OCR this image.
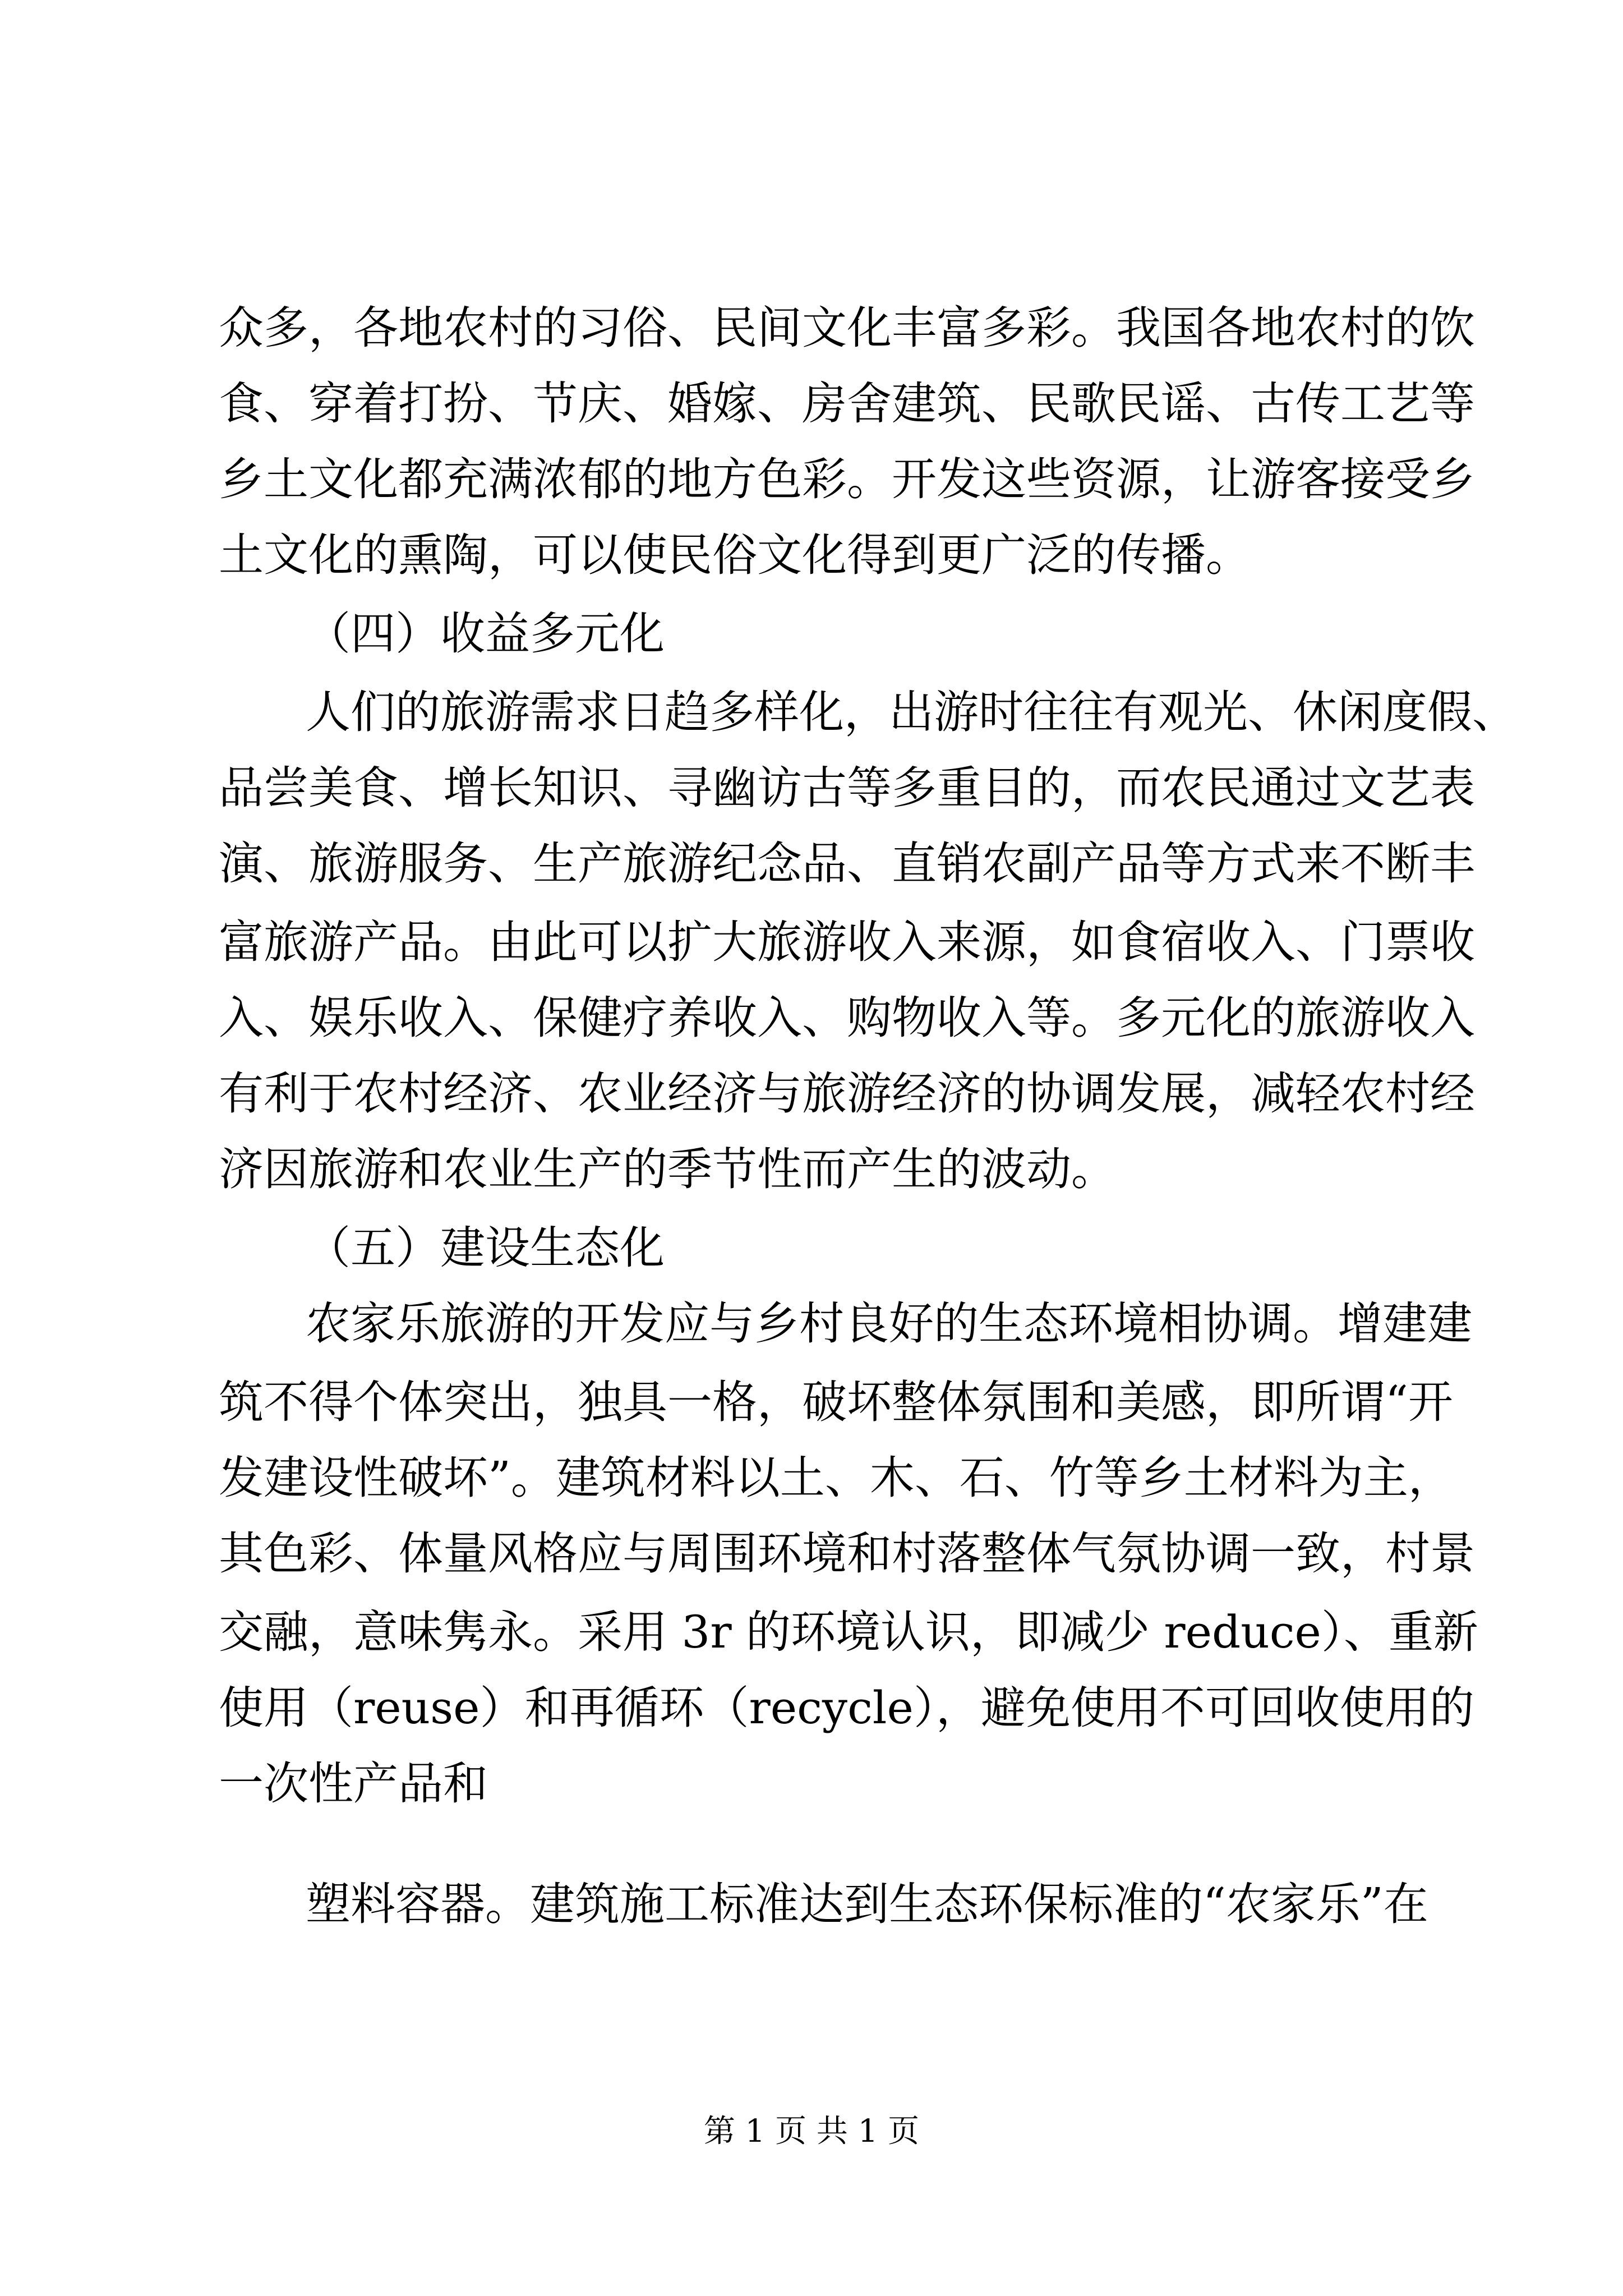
众多，各地农村的习俗、民间文化丰富多彩。我国各地农村的饮
食、穿着打扮、节庆、婚嫁、房舍建筑、民歌民谣、古传工艺等
乡土文化都充满浓郁的地方色彩。开发这些资源，让游客接受乡
土文化的熏陶，可以使民俗文化得到更广泛的传播。
（四）收益多元化
人们的旅游需求日趋多样化，出游时往往有观光、休闲度假、
品尝美食、增长知识、寻幽访古等多重目的，而农民通过文艺表
演、旅游服务、生产旅游纪念品、直销农副产品等方式来不断丰
富旅游产品。由此可以扩大旅游收入来源，如食宿收入、门票收
入、娱乐收入、保健疗养收入、购物收入等。多元化的旅游收入
有利于农村经济、农业经济与旅游经济的协调发展，减轻农村经
济因旅游和农业生产的季节性而产生的波动。
（五）建设生态化
农家乐旅游的开发应与乡村良好的生态环境相协调。增建建
筑不得个体突出，独具一格，破坏整体氛围和美感，即所谓“开
发建设性破坏”。建筑材料以土、木、石、竹等乡土材料为主，
其色彩、体量风格应与周围环境和村落整体气氛协调一致，村景
交融，意味隽永。采用 3r 的环境认识，即减少 reduce）、重新
使用（reuse）和再循环（recycle），避免使用不可回收使用的
一次性产品和
塑料容器。建筑施工标准达到生态环保标准的“农家乐”在
第 1 页 共 1 页
